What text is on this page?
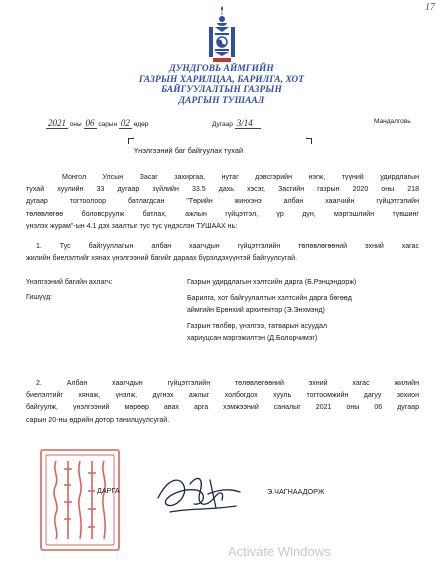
17
ДУНДГОВЬ АЙМГИЙН
ГАЗРЫН ХАРИЛЦАА, БАРИЛГА, ХОТ
БАЙГУУЛАЛТЫН ГАЗРЫН
ДАРГЫН ТУШААЛ
2021 оны 06 сарын 02 өдөр	Дугаар 3/14	Мандалговь
Үнэлгээний баг байгуулах тухай
Монгол Улсын Засаг захиргаа, нутаг дэвсгэрийн нэгж, түүний удирдлагын
тухай хуулийн 33 дугаар зүйлийн 33.5 дахь хэсэг, Засгийн газрын 2020 оны 218
дугаар тогтоолоор батлагдсан "Төрийн жинхэнэ албан хаагчийн гүйцэтгэлийн
төлөвлөгөө боловсруулж батлах, ажлын гүйцэтгэл, үр дүн, мэргэшлийн түвшинг
үнэлэх журам"-ын 4.1 дэх заалтыг тус тус үндэслэн ТУШААХ нь:
1. Тус байгууллагын албан хаагчдын гүйцэтгэлийн төлөвлөгөөний эхний хагас
жилийн биелэлтийг хянах үнэлгээний багийг дараах бүрэлдэхүүнтэй байгуулсугай.
Үнэлгээний багийн ахлагч:	Газрын удирдлагын хэлтсийн дарга (Б.Рэнцэндорж)
Гишүүд:	Барилга, хот байгуулалтын хэлтсийн дарга бөгөөд
аймгийн Ерөнхий архитектор (Э.Энхмэнд)
Газрын төлбөр, үнэлгээ, татварын асуудал
хариуцсан мэргэжилтэн (Д.Болорчимэг)
2. Албан хаагчдын гүйцэтгэлийн төлөвлөгөөний эхний хагас жилийн
биелэлтийг хянаж, үнэлж, дүгнэх ажлыг холбогдох хууль тогтоомжийн дагуу зохион
байгуулж, үнэлгээний мөрөөр авах арга хэмжээний саналыг 2021 оны 06 дугаар
сарын 20-ны өдрийн дотор танилцуулсугай.
ДАРГА	Э.ЧАГНААДОРЖ
Activate Windows
